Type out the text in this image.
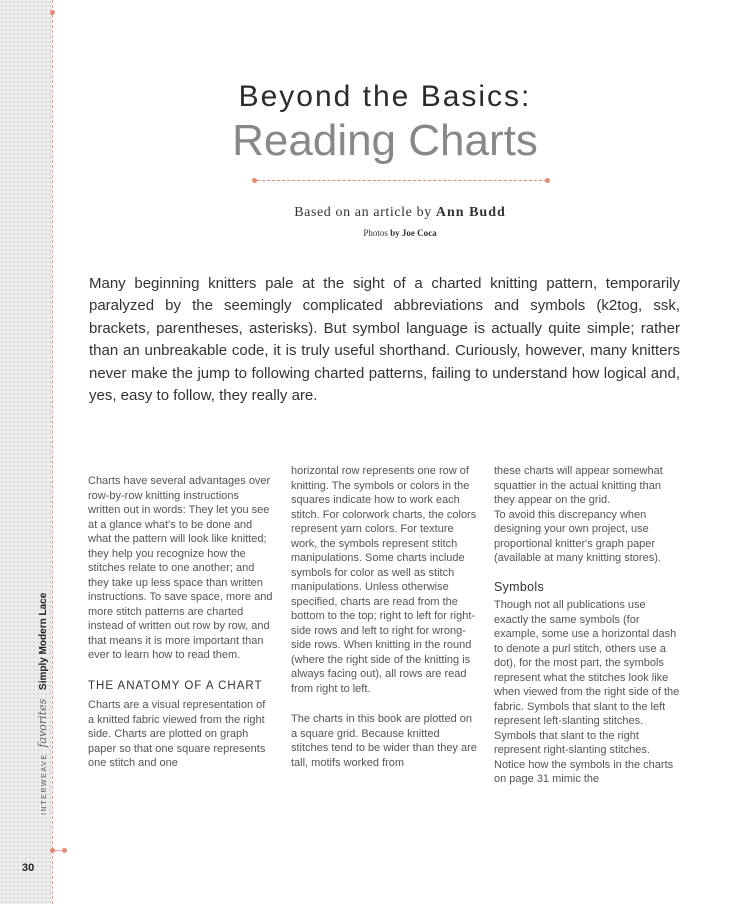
INTERWEAVE favorites Simply Modern Lace
30
Beyond the Basics:
Reading Charts
Based on an article by Ann Budd
Photos by Joe Coca

Many beginning knitters pale at the sight of a charted knitting pattern, temporarily paralyzed by the seemingly complicated abbreviations and symbols (k2tog, ssk, brackets, parentheses, asterisks). But symbol language is actually quite simple; rather than an unbreakable code, it is truly useful shorthand. Curiously, however, many knitters never make the jump to following charted patterns, failing to understand how logical and, yes, easy to follow, they really are.

Charts have several advantages over row-by-row knitting instructions written out in words: They let you see at a glance what's to be done and what the pattern will look like knitted; they help you recognize how the stitches relate to one another; and they take up less space than written instructions. To save space, more and more stitch patterns are charted instead of written out row by row, and that means it is more important than ever to learn how to read them.

THE ANATOMY OF A CHART

Charts are a visual representation of a knitted fabric viewed from the right side. Charts are plotted on graph paper so that one square represents one stitch and one

horizontal row represents one row of knitting. The symbols or colors in the squares indicate how to work each stitch. For colorwork charts, the colors represent yarn colors. For texture work, the symbols represent stitch manipulations. Some charts include symbols for color as well as stitch manipulations. Unless otherwise specified, charts are read from the bottom to the top; right to left for right-side rows and left to right for wrong-side rows. When knitting in the round (where the right side of the knitting is always facing out), all rows are read from right to left.

The charts in this book are plotted on a square grid. Because knitted stitches tend to be wider than they are tall, motifs worked from

these charts will appear somewhat squattier in the actual knitting than they appear on the grid.

To avoid this discrepancy when designing your own project, use proportional knitter's graph paper (available at many knitting stores).

Symbols

Though not all publications use exactly the same symbols (for example, some use a horizontal dash to denote a purl stitch, others use a dot), for the most part, the symbols represent what the stitches look like when viewed from the right side of the fabric. Symbols that slant to the left represent left-slanting stitches. Symbols that slant to the right represent right-slanting stitches. Notice how the symbols in the charts on page 31 mimic the
